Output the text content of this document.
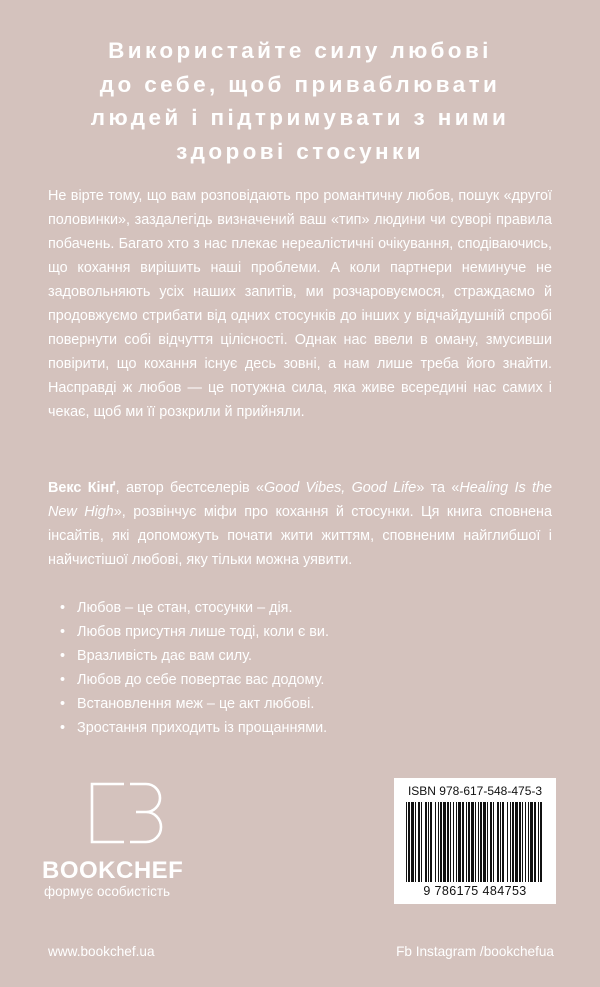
Використайте силу любові
до себе, щоб приваблювати
людей і підтримувати з ними
здорові стосунки
Не вірте тому, що вам розповідають про романтичну любов, пошук «другої половинки», заздалегідь визначений ваш «тип» людини чи суворі правила побачень. Багато хто з нас плекає нереалістичні очікування, сподіваючись, що кохання вирішить наші проблеми. А коли партнери неминуче не задовольняють усіх наших запитів, ми розчаровуємося, страждаємо й продовжуємо стрибати від одних стосунків до інших у відчайдушній спробі повернути собі відчуття цілісності. Однак нас ввели в оману, змусивши повірити, що кохання існує десь зовні, а нам лише треба його знайти. Насправді ж любов — це потужна сила, яка живе всередині нас самих і чекає, щоб ми її розкрили й прийняли.
Векс Кінґ, автор бестселерів «Good Vibes, Good Life» та «Healing Is the New High», розвінчує міфи про кохання й стосунки. Ця книга сповнена інсайтів, які допоможуть почати жити життям, сповненим найглибшої і найчистішої любові, яку тільки можна уявити.
• Любов – це стан, стосунки – дія.
• Любов присутня лише тоді, коли є ви.
• Вразливість дає вам силу.
• Любов до себе повертає вас додому.
• Встановлення меж – це акт любові.
• Зростання приходить із прощаннями.
BOOKCHEF
формує особистість
ISBN 978-617-548-475-3
9 786175 484753
www.bookchef.ua	Fb Instagram /bookchefua
